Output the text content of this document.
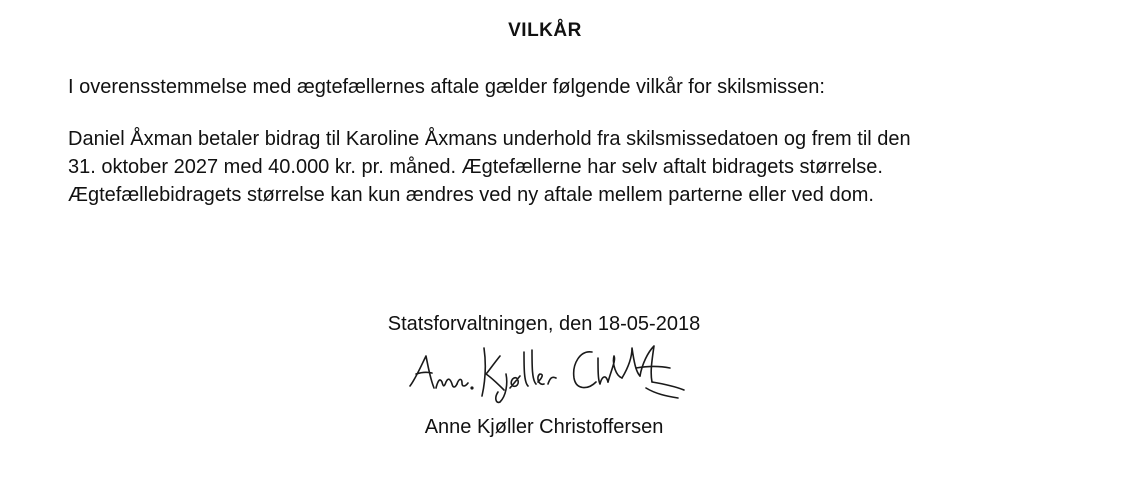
VILKÅR
I overensstemmelse med ægtefællernes aftale gælder følgende vilkår for skilsmissen:
Daniel Åxman betaler bidrag til Karoline Åxmans underhold fra skilsmissedatoen og frem til den
31. oktober 2027 med 40.000 kr. pr. måned. Ægtefællerne har selv aftalt bidragets størrelse.
Ægtefællebidragets størrelse kan kun ændres ved ny aftale mellem parterne eller ved dom.
Statsforvaltningen, den 18-05-2018
Anne Kjøller Christoffersen
